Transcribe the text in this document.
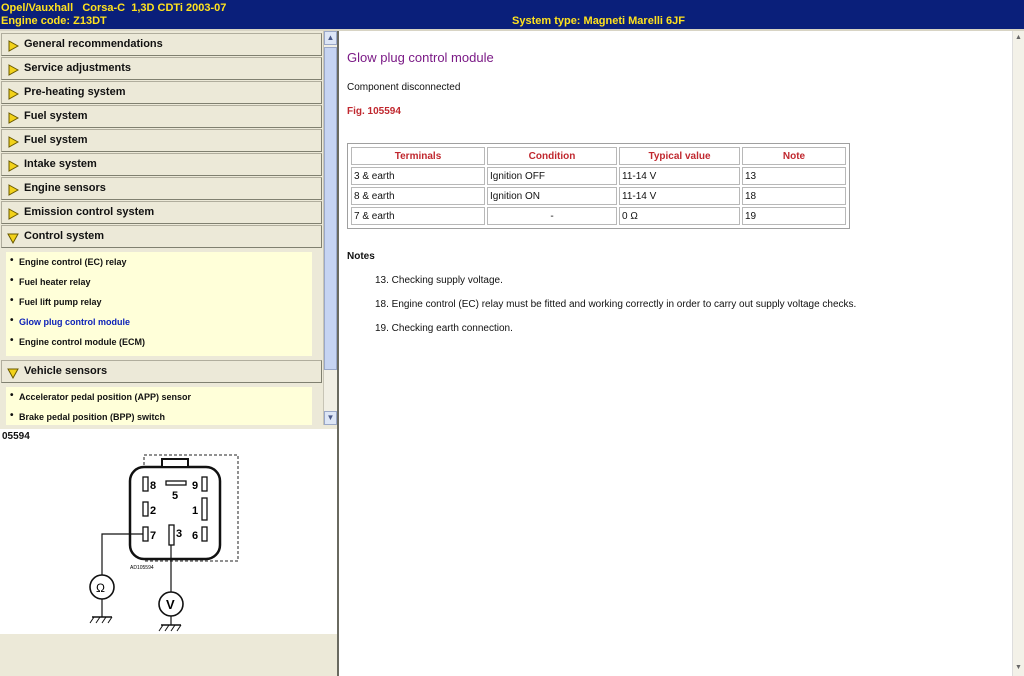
Opel/Vauxhall Corsa-C 1,3D CDTi 2003-07
Engine code: Z13DT	System type: Magneti Marelli 6JF
General recommendations
Service adjustments
Pre-heating system
Fuel system
Fuel system
Intake system
Engine sensors
Emission control system
Control system
• Engine control (EC) relay
• Fuel heater relay
• Fuel lift pump relay
• Glow plug control module
• Engine control module (ECM)
Vehicle sensors
• Accelerator pedal position (APP) sensor
• Brake pedal position (BPP) switch
▲
▼
05594
8
5
9
2	1
7 3 6
AD105594
Ω
V
Glow plug control module
Component disconnected
Fig. 105594
Terminals	Condition	Typical value	Note
3 & earth	Ignition OFF	11-14 V	13
8 & earth	Ignition ON	11-14 V	18
7 & earth	-	0 Ω	19
Notes
13. Checking supply voltage.
18. Engine control (EC) relay must be fitted and working correctly in order to carry out supply voltage checks.
19. Checking earth connection.
▲
▼
